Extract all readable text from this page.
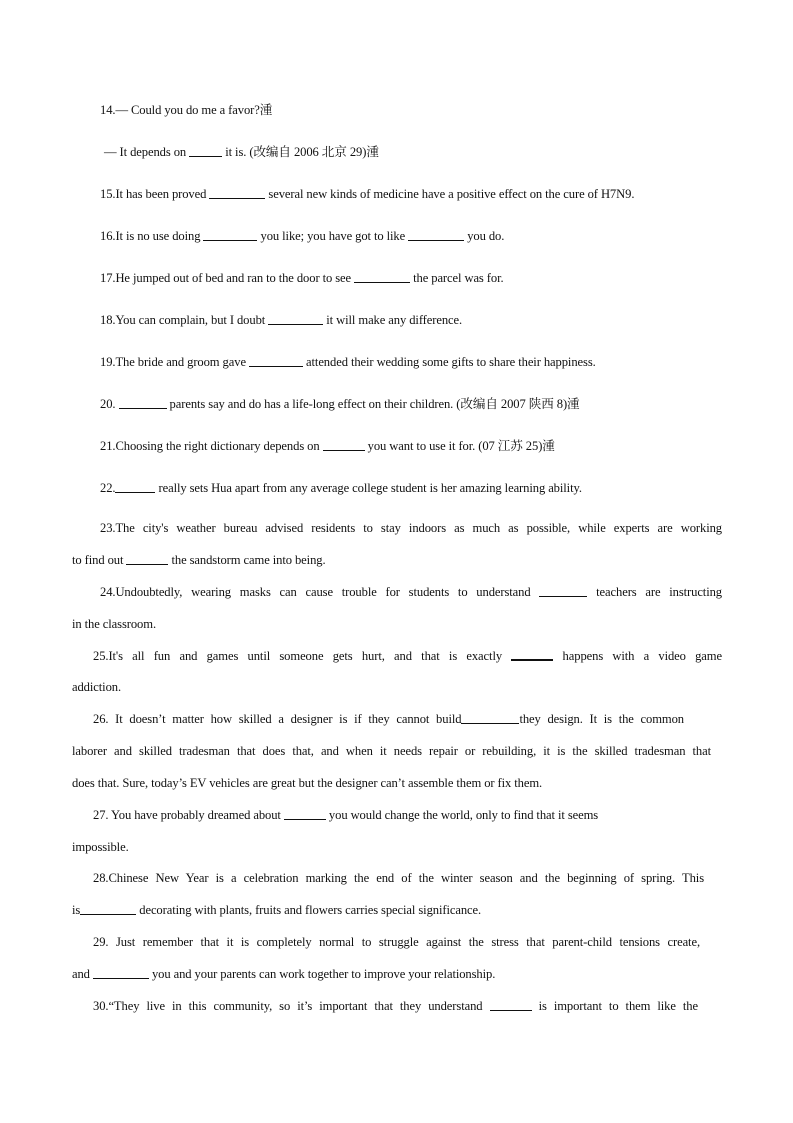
14.— Could you do me a favor?湩
— It depends on	it is. (改编自 2006 北京 29)湩
15.It has been proved	several new kinds of medicine have a positive effect on the cure of H7N9.
16.It is no use doing	you like; you have got to like	you do.
17.He jumped out of bed and ran to the door to see	the parcel was for.
18.You can complain, but I doubt	it will make any difference.
19.The bride and groom gave	attended their wedding some gifts to share their happiness.
20.	parents say and do has a life-long effect on their children. (改编自 2007 陕西 8)湩
21.Choosing the right dictionary depends on	you want to use it for. (07 江苏 25)湩
22.	really sets Hua apart from any average college student is her amazing learning ability.
23.The city's weather bureau advised residents to stay indoors as much as possible, while experts are working
to find out	the sandstorm came into being.
24.Undoubtedly, wearing masks can cause trouble for students to understand	teachers are instructing
in the classroom.
25.It's all fun and games until someone gets hurt, and that is exactly	happens with a video game
addiction.
26. It doesn’t matter how skilled a designer is if they cannot build	they design. It is the common
laborer and skilled tradesman that does that, and when it needs repair or rebuilding, it is the skilled tradesman that
does that. Sure, today’s EV vehicles are great but the designer can’t assemble them or fix them.
27. You have probably dreamed about	you would change the world, only to find that it seems
impossible.
28.Chinese New Year is a celebration marking the end of the winter season and the beginning of spring. This
is	decorating with plants, fruits and flowers carries special significance.
29. Just remember that it is completely normal to struggle against the stress that parent-child tensions create,
and	you and your parents can work together to improve your relationship.
30.“They live in this community, so it’s important that they understand	is important to them like the
